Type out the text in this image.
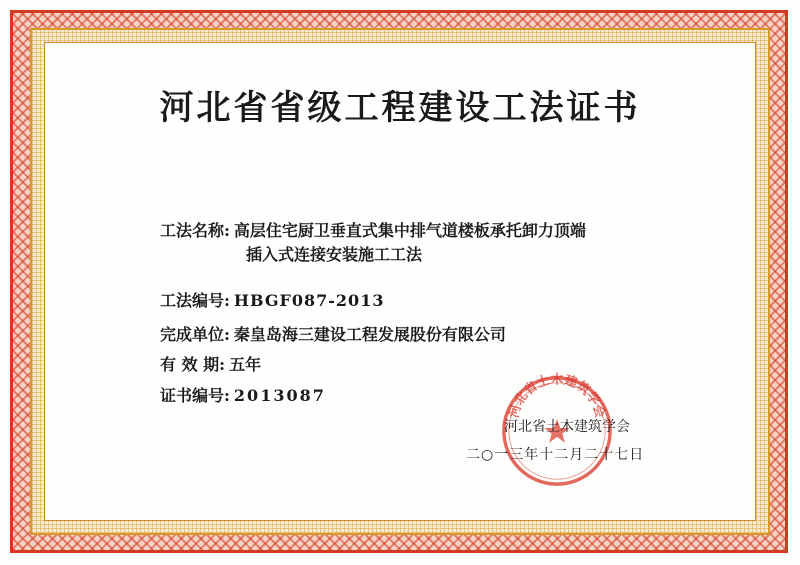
河北省省级工程建设工法证书
工法名称: 高层住宅厨卫垂直式集中排气道楼板承托卸力顶端
插入式连接安装施工工法
工法编号: HBGF087-2013
完成单位: 秦皇岛海三建设工程发展股份有限公司
有 效 期: 五年
证书编号: 2013087
河北省土木建筑学会
河北省土木建筑学会
二○一三年十二月二十七日
